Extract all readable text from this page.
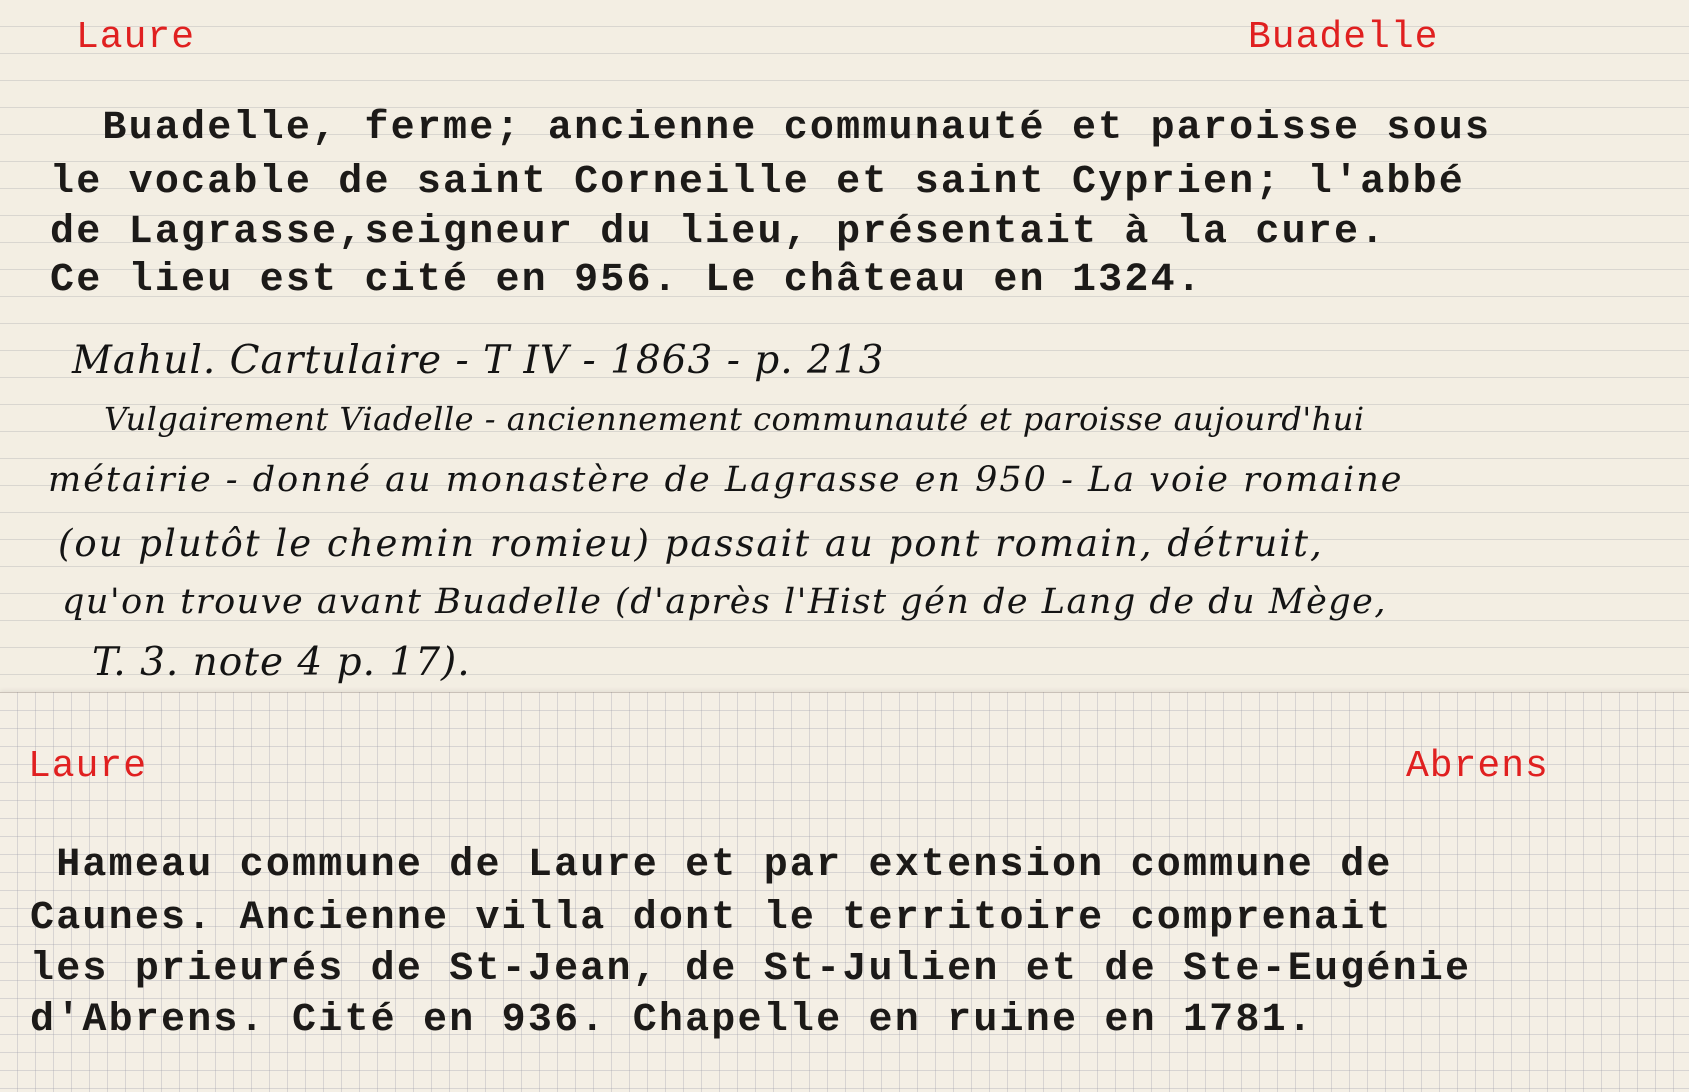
Laure	Buadelle
Buadelle, ferme; ancienne communauté et paroisse sous
le vocable de saint Corneille et saint Cyprien; l'abbé
de Lagrasse,seigneur du lieu, présentait à la cure.
Ce lieu est cité en 956. Le château en 1324.
Mahul. Cartulaire - T IV - 1863 - p. 213
Vulgairement Viadelle - anciennement communauté et paroisse aujourd'hui
métairie - donné au monastère de Lagrasse en 950 - La voie romaine
(ou plutôt le chemin romieu) passait au pont romain, détruit,
qu'on trouve avant Buadelle (d'après l'Hist gén de Lang de du Mège,
T. 3. note 4 p. 17).
Laure	Abrens
Hameau commune de Laure et par extension commune de
Caunes. Ancienne villa dont le territoire comprenait
les prieurés de St-Jean, de St-Julien et de Ste-Eugénie
d'Abrens. Cité en 936. Chapelle en ruine en 1781.
